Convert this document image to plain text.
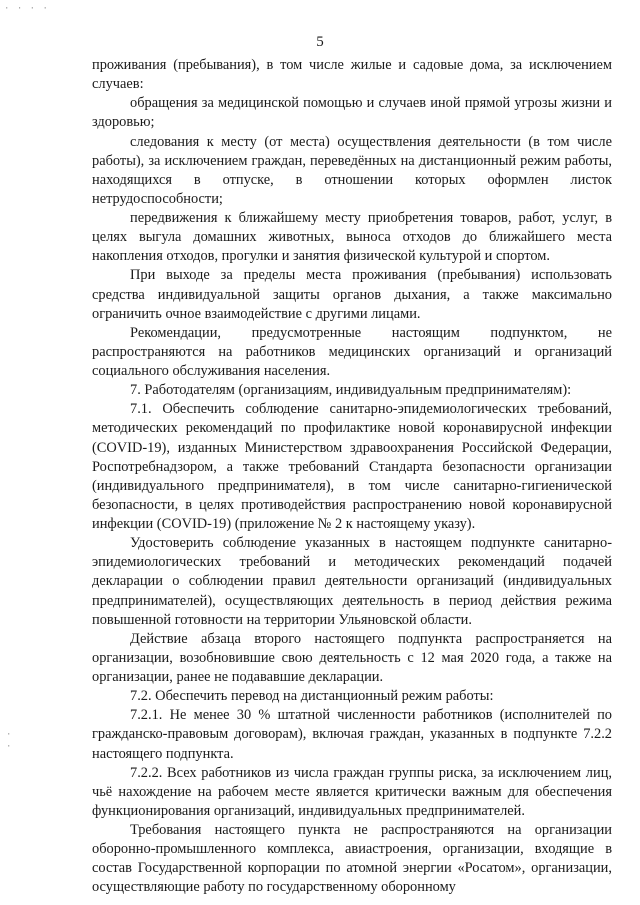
· · · ·
·
·
5

проживания (пребывания), в том числе жилые и садовые дома, за исключением случаев:

обращения за медицинской помощью и случаев иной прямой угрозы жизни и здоровью;

следования к месту (от места) осуществления деятельности (в том числе работы), за исключением граждан, переведённых на дистанционный режим работы, находящихся в отпуске, в отношении которых оформлен листок нетрудоспособности;

передвижения к ближайшему месту приобретения товаров, работ, услуг, в целях выгула домашних животных, выноса отходов до ближайшего места накопления отходов, прогулки и занятия физической культурой и спортом.

При выходе за пределы места проживания (пребывания) использовать средства индивидуальной защиты органов дыхания, а также максимально ограничить очное взаимодействие с другими лицами.

Рекомендации, предусмотренные настоящим подпунктом, не распространяются на работников медицинских организаций и организаций социального обслуживания населения.

7. Работодателям (организациям, индивидуальным предпринимателям):

7.1. Обеспечить соблюдение санитарно-эпидемиологических требований, методических рекомендаций по профилактике новой коронавирусной инфекции (COVID-19), изданных Министерством здравоохранения Российской Федерации, Роспотребнадзором, а также требований Стандарта безопасности организации (индивидуального предпринимателя), в том числе санитарно-гигиенической безопасности, в целях противодействия распространению новой коронавирусной инфекции (COVID-19) (приложение № 2 к настоящему указу).

Удостоверить соблюдение указанных в настоящем подпункте санитарно-эпидемиологических требований и методических рекомендаций подачей декларации о соблюдении правил деятельности организаций (индивидуальных предпринимателей), осуществляющих деятельность в период действия режима повышенной готовности на территории Ульяновской области.

Действие абзаца второго настоящего подпункта распространяется на организации, возобновившие свою деятельность с 12 мая 2020 года, а также на организации, ранее не подававшие декларации.

7.2. Обеспечить перевод на дистанционный режим работы:

7.2.1. Не менее 30 % штатной численности работников (исполнителей по гражданско-правовым договорам), включая граждан, указанных в подпункте 7.2.2 настоящего подпункта.

7.2.2. Всех работников из числа граждан группы риска, за исключением лиц, чьё нахождение на рабочем месте является критически важным для обеспечения функционирования организаций, индивидуальных предпринимателей.

Требования настоящего пункта не распространяются на организации оборонно-промышленного комплекса, авиастроения, организации, входящие в состав Государственной корпорации по атомной энергии «Росатом», организации, осуществляющие работу по государственному оборонному
